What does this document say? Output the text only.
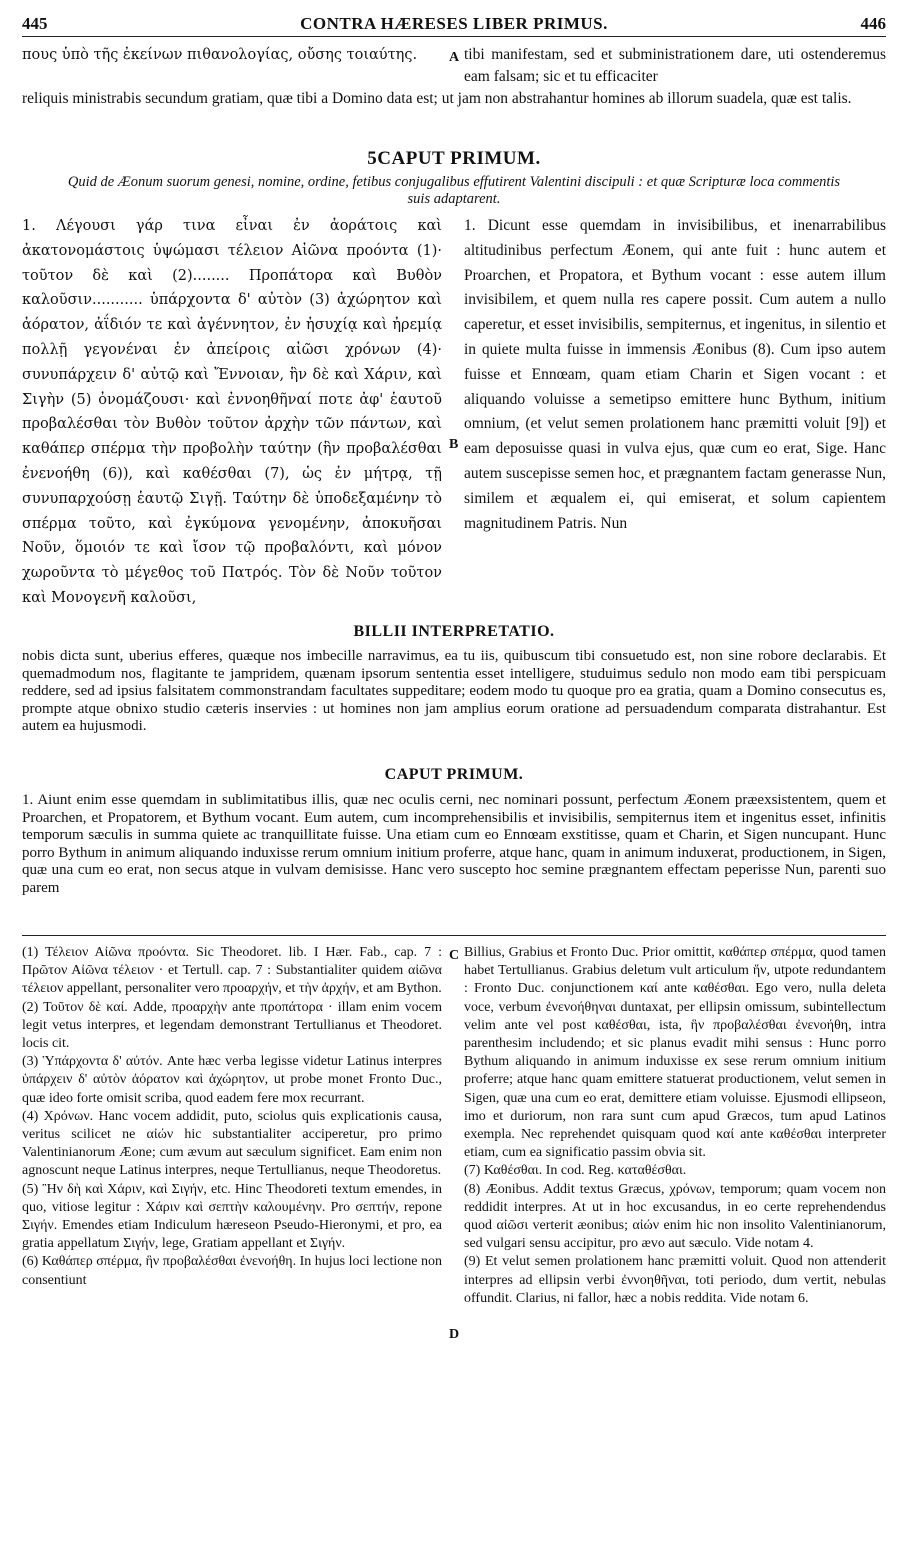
445	CONTRA HÆRESES LIBER PRIMUS.	446

πους ὑπὸ τῆς ἐκείνων πιθανολογίας, οὔσης τοιαύτης.	A tibi manifestam, sed et subministrationem dare, uti ostenderemus eam falsam; sic et tu efficaciter

reliquis ministrabis secundum gratiam, quæ tibi a Domino data est; ut jam non abstrahantur homines ab illorum suadela, quæ est talis.

5CAPUT PRIMUM.

Quid de Æonum suorum genesi, nomine, ordine, fetibus conjugalibus effutirent Valentini discipuli : et quæ Scripturæ loca commentis suis adaptarent.

1. Λέγουσι γάρ τινα εἶναι ἐν ἀοράτοις καὶ ἀκατονομάστοις ὑψώμασι τέλειον Αἰῶνα προόντα (1)· τοῦτον δὲ καὶ (2)........ Προπάτορα καὶ Βυθὸν καλοῦσιν........... ὑπάρχοντα δ' αὐτὸν (3) ἀχώρητον καὶ ἀόρατον, ἀΐδιόν τε καὶ ἀγέννητον, ἐν ἡσυχίᾳ καὶ ἠρεμίᾳ πολλῇ γεγονέναι ἐν ἀπείροις αἰῶσι χρόνων (4)· συνυπάρχειν δ' αὐτῷ καὶ Ἔννοιαν, ἣν δὲ καὶ Χάριν, καὶ Σιγὴν (5) ὀνομάζουσι· καὶ ἐννοηθῆναί ποτε ἀφ' ἑαυτοῦ προβαλέσθαι τὸν Βυθὸν τοῦτον ἀρχὴν τῶν πάντων, καὶ καθάπερ σπέρμα τὴν προβολὴν ταύτην (ἣν προβαλέσθαι ἐνενοήθη (6)), καὶ καθέσθαι (7), ὡς ἐν μήτρᾳ, τῇ συνυπαρχούσῃ ἑαυτῷ Σιγῇ. Ταύτην δὲ ὑποδεξαμένην τὸ σπέρμα τοῦτο, καὶ ἐγκύμονα γενομένην, ἀποκυῆσαι Νοῦν, ὅμοιόν τε καὶ ἴσον τῷ προβαλόντι, καὶ μόνον χωροῦντα τὸ μέγεθος τοῦ Πατρός. Τὸν δὲ Νοῦν τοῦτον καὶ Μονογενῆ καλοῦσι,

B

1. Dicunt esse quemdam in invisibilibus, et inenarrabilibus altitudinibus perfectum Æonem, qui ante fuit : hunc autem et Proarchen, et Propatora, et Bythum vocant : esse autem illum invisibilem, et quem nulla res capere possit. Cum autem a nullo caperetur, et esset invisibilis, sempiternus, et ingenitus, in silentio et in quiete multa fuisse in immensis Æonibus (8). Cum ipso autem fuisse et Ennœam, quam etiam Charin et Sigen vocant : et aliquando voluisse a semetipso emittere hunc Bythum, initium omnium, (et velut semen prolationem hanc præmitti voluit [9]) et eam deposuisse quasi in vulva ejus, quæ cum eo erat, Sige. Hanc autem suscepisse semen hoc, et prægnantem factam generasse Nun, similem et æqualem ei, qui emiserat, et solum capientem magnitudinem Patris. Nun

BILLII INTERPRETATIO.

nobis dicta sunt, uberius efferes, quæque nos imbecille narravimus, ea tu iis, quibuscum tibi consuetudo est, non sine robore declarabis. Et quemadmodum nos, flagitante te jampridem, quænam ipsorum sententia esset intelligere, studuimus sedulo non modo eam tibi perspicuam reddere, sed ad ipsius falsitatem commonstrandam facultates suppeditare; eodem modo tu quoque pro ea gratia, quam a Domino consecutus es, prompte atque obnixo studio cæteris inservies : ut homines non jam amplius eorum oratione ad persuadendum comparata distrahantur. Est autem ea hujusmodi.

CAPUT PRIMUM.

1. Aiunt enim esse quemdam in sublimitatibus illis, quæ nec oculis cerni, nec nominari possunt, perfectum Æonem præexsistentem, quem et Proarchen, et Propatorem, et Bythum vocant. Eum autem, cum incomprehensibilis et invisibilis, sempiternus item et ingenitus esset, infinitis temporum sæculis in summa quiete ac tranquillitate fuisse. Una etiam cum eo Ennœam exstitisse, quam et Charin, et Sigen nuncupant. Hunc porro Bythum in animum aliquando induxisse rerum omnium initium proferre, atque hanc, quam in animum induxerat, productionem, in Sigen, quæ una cum eo erat, non secus atque in vulvam demisisse. Hanc vero suscepto hoc semine prægnantem effectam peperisse Nun, parenti suo parem

(1) Τέλειον Αἰῶνα προόντα. Sic Theodoret. lib. I Hær. Fab., cap. 7 : Πρῶτον Αἰῶνα τέλειον · et Tertull. cap. 7 : Substantialiter quidem αἰῶνα τέλειον appellant, personaliter vero προαρχήν, et τὴν ἀρχήν, et am Bython.

(2) Τοῦτον δὲ καί. Adde, προαρχὴν ante προπάτορα · illam enim vocem legit vetus interpres, et legendam demonstrant Tertullianus et Theodoret. locis cit.

(3) Ὑπάρχοντα δ' αὐτόν. Ante hæc verba legisse videtur Latinus interpres ὑπάρχειν δ' αὐτὸν ἀόρατον καὶ ἀχώρητον, ut probe monet Fronto Duc., quæ ideo forte omisit scriba, quod eadem fere mox recurrant.

(4) Χρόνων. Hanc vocem addidit, puto, sciolus quis explicationis causa, veritus scilicet ne αἰών hic substantialiter acciperetur, pro primo Valentinianorum Æone; cum ævum aut sæculum significet. Eam enim non agnoscunt neque Latinus interpres, neque Tertullianus, neque Theodoretus.

(5) Ἣν δὴ καὶ Χάριν, καὶ Σιγήν, etc. Hinc Theodoreti textum emendes, in quo, vitiose legitur : Χάριν καὶ σεπτὴν καλουμένην. Pro σεπτήν, repone Σιγήν. Emendes etiam Indiculum hæreseon Pseudo-Hieronymi, et pro, ea gratia appellatum Σιγήν, lege, Gratiam appellant et Σιγήν.

(6) Καθάπερ σπέρμα, ἣν προβαλέσθαι ἐνενοήθη. In hujus loci lectione non consentiunt

C
D

Billius, Grabius et Fronto Duc. Prior omittit, καθάπερ σπέρμα, quod tamen habet Tertullianus. Grabius deletum vult articulum ἥν, utpote redundantem : Fronto Duc. conjunctionem καί ante καθέσθαι. Ego vero, nulla deleta voce, verbum ἐνενοήθηναι duntaxat, per ellipsin omissum, subintellectum velim ante vel post καθέσθαι, ista, ἣν προβαλέσθαι ἐνενοήθη, intra parenthesim includendo; et sic planus evadit mihi sensus : Hunc porro Bythum aliquando in animum induxisse ex sese rerum omnium initium proferre; atque hanc quam emittere statuerat productionem, velut semen in Sigen, quæ una cum eo erat, demittere etiam voluisse. Ejusmodi ellipseon, imo et duriorum, non rara sunt cum apud Græcos, tum apud Latinos exempla. Nec reprehendet quisquam quod καί ante καθέσθαι interpreter etiam, cum ea significatio passim obvia sit.

(7) Καθέσθαι. In cod. Reg. καταθέσθαι.

(8) Æonibus. Addit textus Græcus, χρόνων, temporum; quam vocem non reddidit interpres. At ut in hoc excusandus, in eo certe reprehendendus quod αἰῶσι verterit æonibus; αἰών enim hic non insolito Valentinianorum, sed vulgari sensu accipitur, pro ævo aut sæculo. Vide notam 4.

(9) Et velut semen prolationem hanc præmitti voluit. Quod non attenderit interpres ad ellipsin verbi ἐννοηθῆναι, toti periodo, dum vertit, nebulas offundit. Clarius, ni fallor, hæc a nobis reddita. Vide notam 6.
